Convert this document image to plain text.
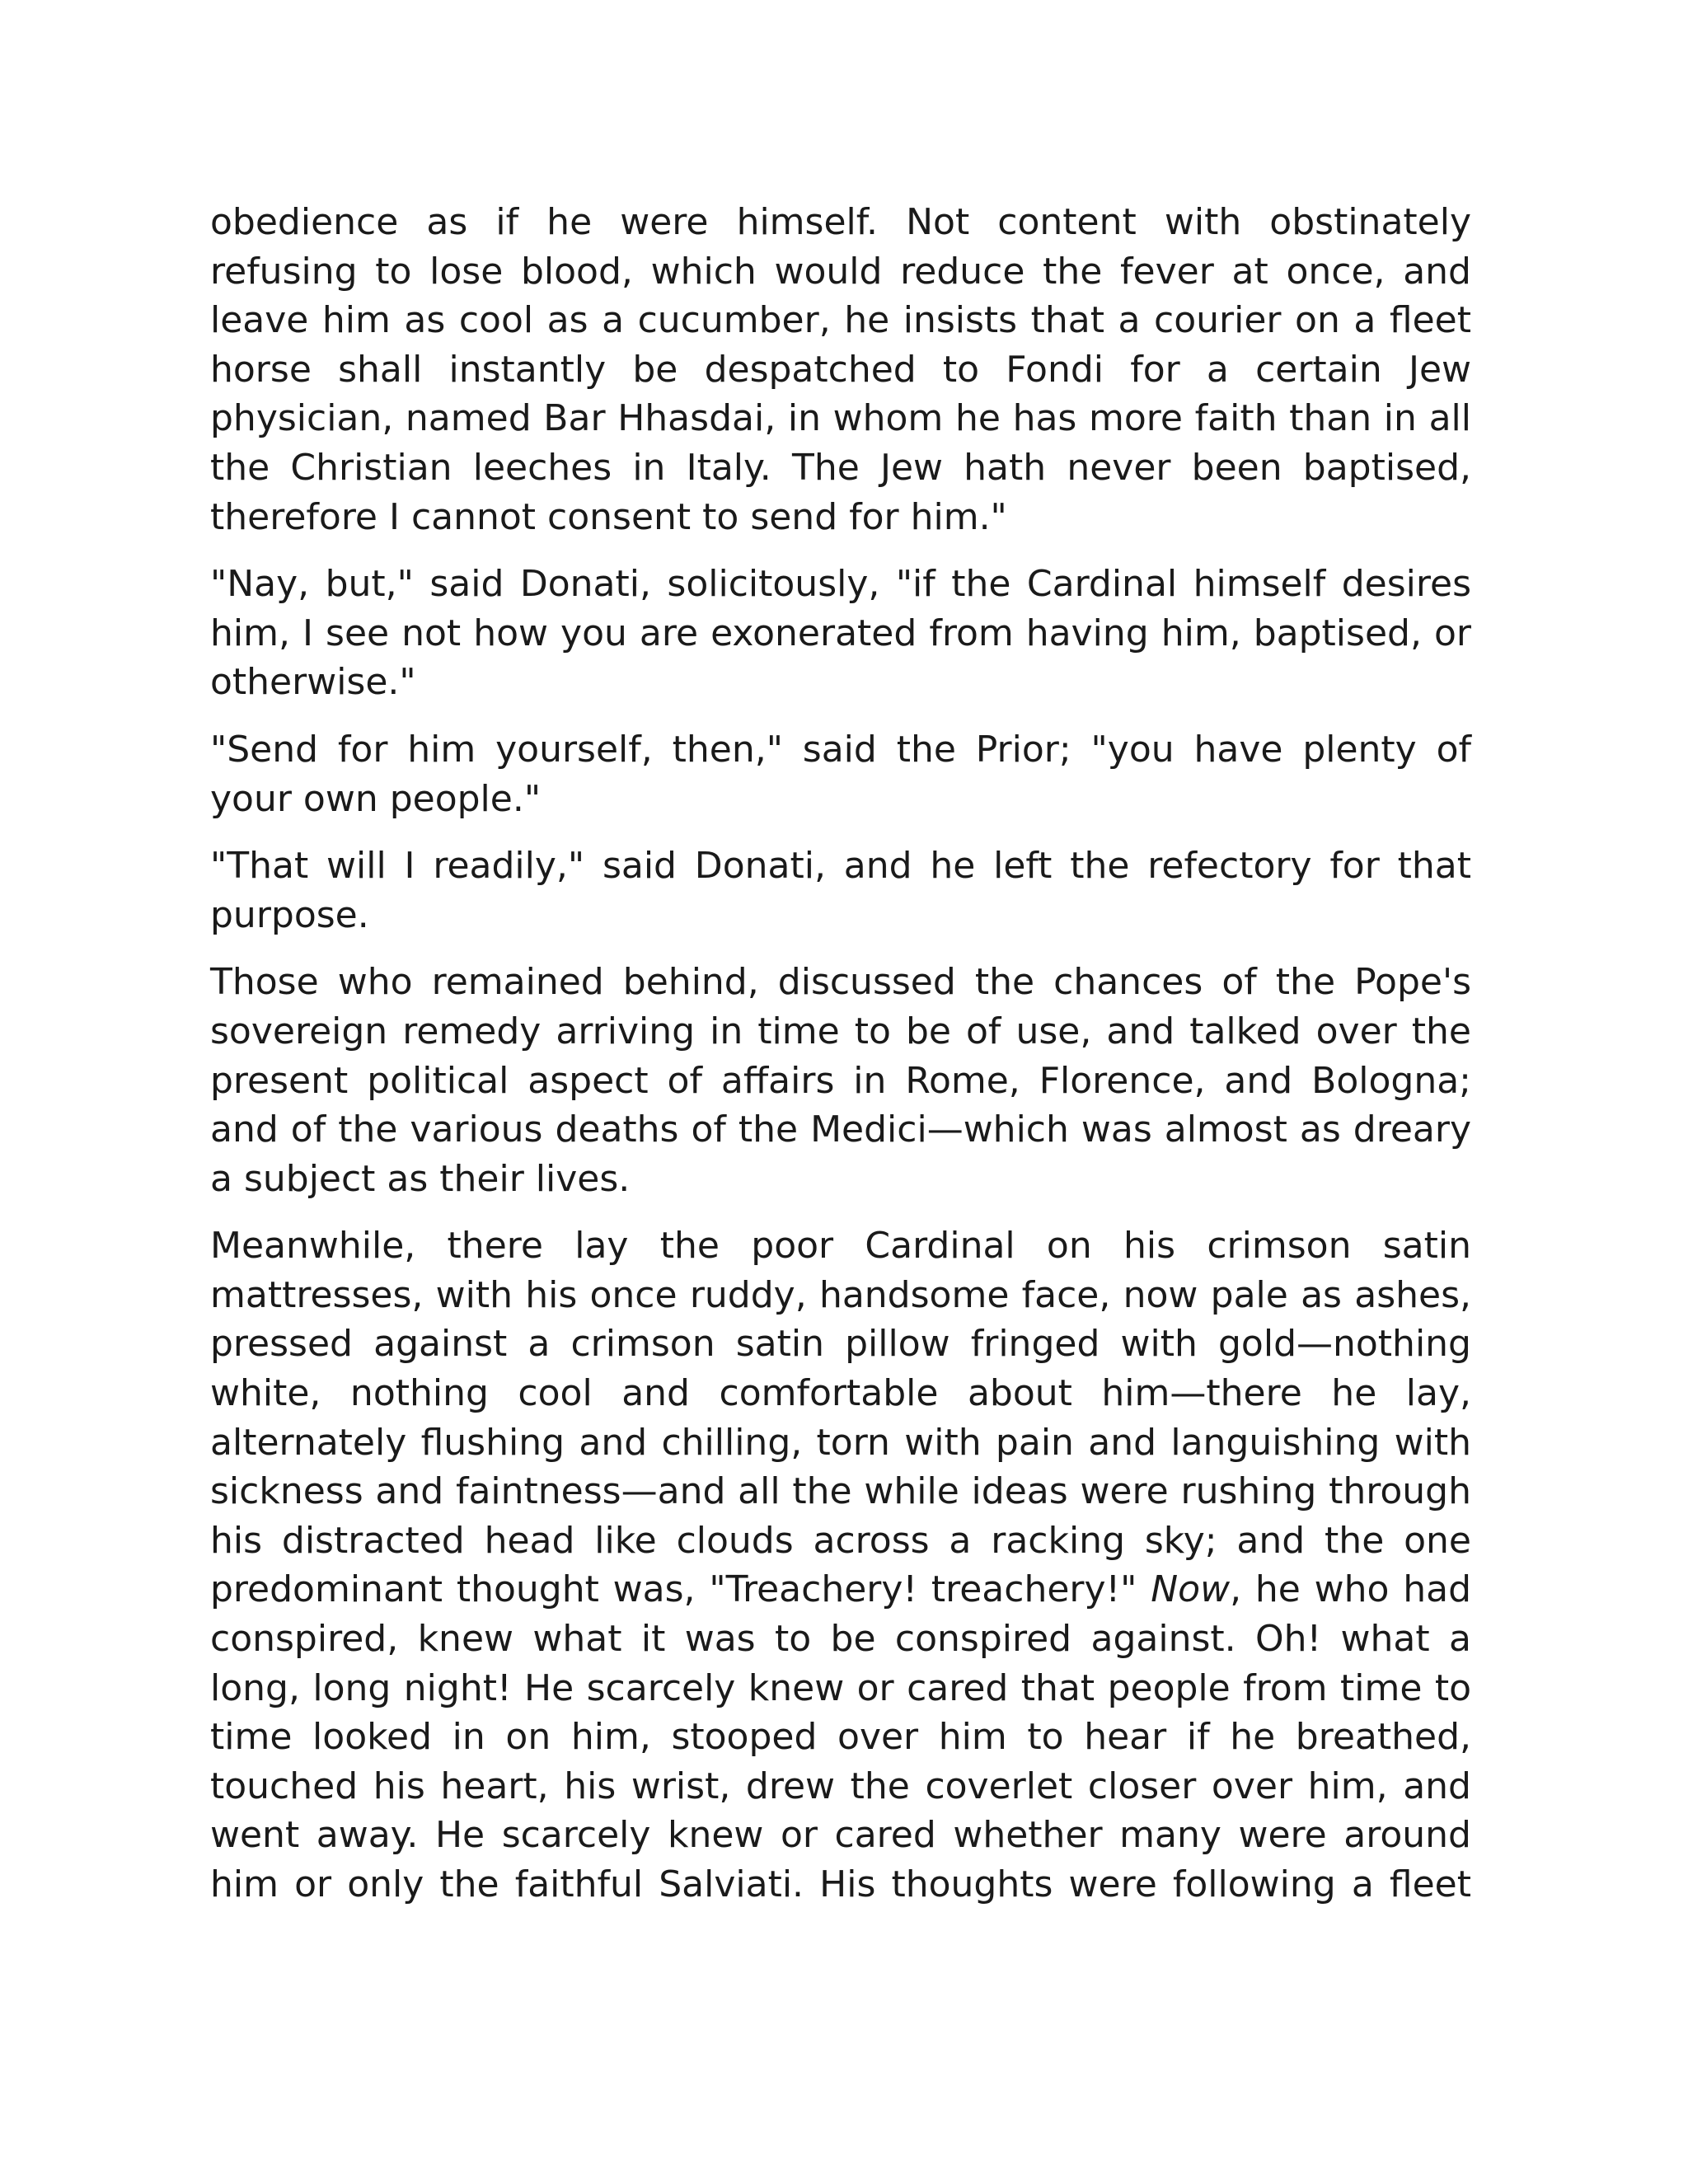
obedience as if he were himself. Not content with obstinately refusing to lose blood, which would reduce the fever at once, and leave him as cool as a cucumber, he insists that a courier on a fleet horse shall instantly be despatched to Fondi for a certain Jew physician, named Bar Hhasdai, in whom he has more faith than in all the Christian leeches in Italy. The Jew hath never been baptised, therefore I cannot consent to send for him."

"Nay, but," said Donati, solicitously, "if the Cardinal himself desires him, I see not how you are exonerated from having him, baptised, or otherwise."

"Send for him yourself, then," said the Prior; "you have plenty of your own people."

"That will I readily," said Donati, and he left the refectory for that purpose.

Those who remained behind, discussed the chances of the Pope's sovereign remedy arriving in time to be of use, and talked over the present political aspect of affairs in Rome, Florence, and Bologna; and of the various deaths of the Medici—which was almost as dreary a subject as their lives.

Meanwhile, there lay the poor Cardinal on his crimson satin mattresses, with his once ruddy, handsome face, now pale as ashes, pressed against a crimson satin pillow fringed with gold—nothing white, nothing cool and comfortable about him—there he lay, alternately flushing and chilling, torn with pain and languishing with sickness and faintness—and all the while ideas were rushing through his distracted head like clouds across a racking sky; and the one predominant thought was, "Treachery! treachery!" Now, he who had conspired, knew what it was to be conspired against. Oh! what a long, long night! He scarcely knew or cared that people from time to time looked in on him, stooped over him to hear if he breathed, touched his heart, his wrist, drew the coverlet closer over him, and went away. He scarcely knew or cared whether many were around him or only the faithful Salviati. His thoughts were following a fleet
